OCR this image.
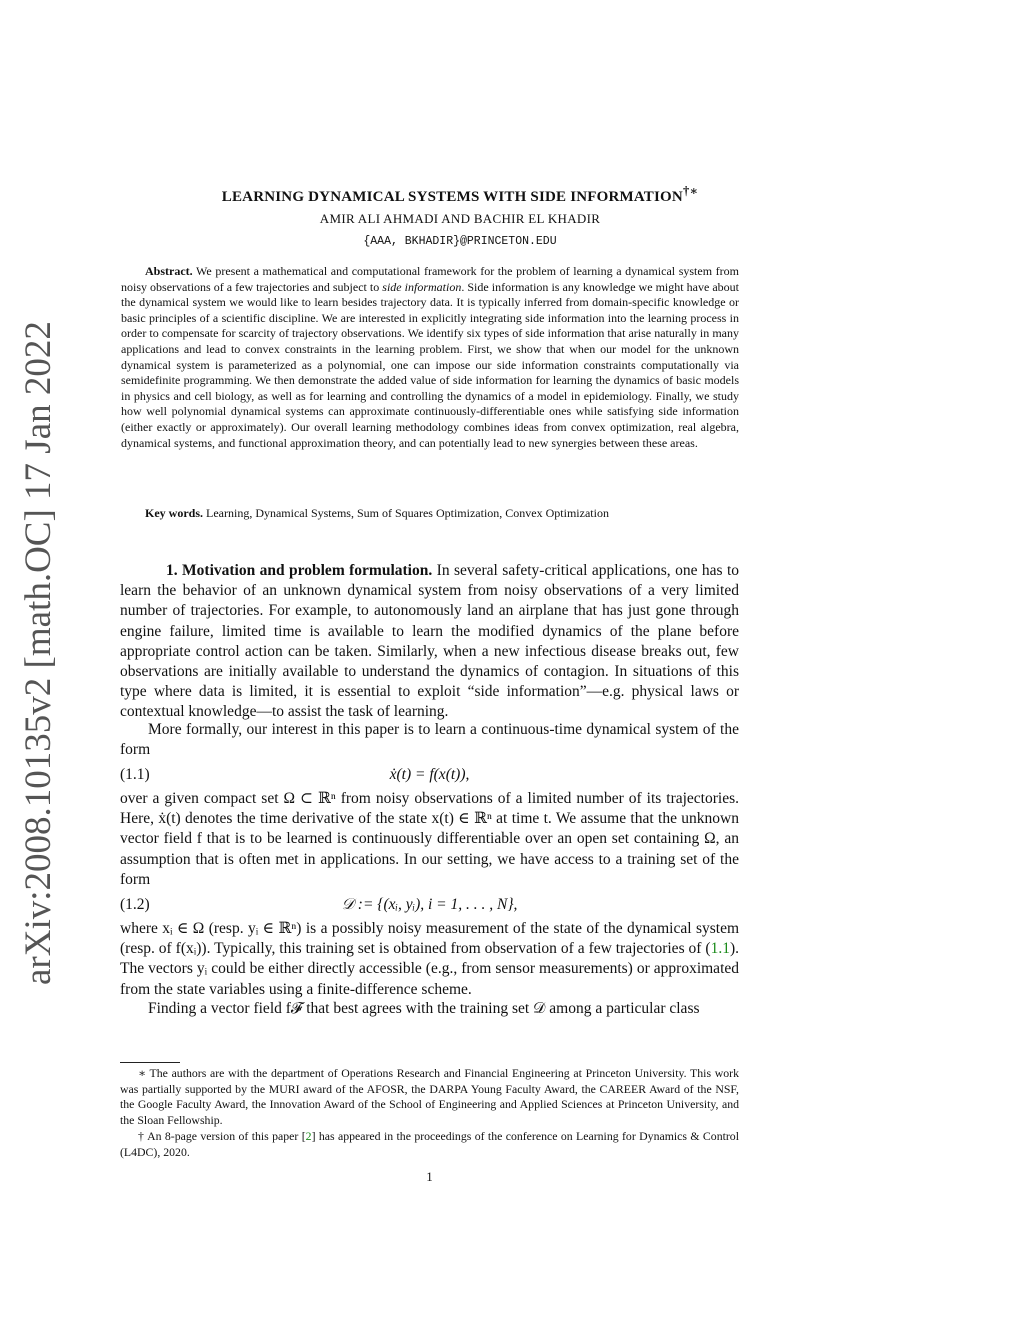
arXiv:2008.10135v2 [math.OC] 17 Jan 2022
LEARNING DYNAMICAL SYSTEMS WITH SIDE INFORMATION†∗
AMIR ALI AHMADI AND BACHIR EL KHADIR
{AAA, BKHADIR}@PRINCETON.EDU
Abstract. We present a mathematical and computational framework for the problem of learning a dynamical system from noisy observations of a few trajectories and subject to side information. Side information is any knowledge we might have about the dynamical system we would like to learn besides trajectory data. It is typically inferred from domain-specific knowledge or basic principles of a scientific discipline. We are interested in explicitly integrating side information into the learning process in order to compensate for scarcity of trajectory observations. We identify six types of side information that arise naturally in many applications and lead to convex constraints in the learning problem. First, we show that when our model for the unknown dynamical system is parameterized as a polynomial, one can impose our side information constraints computationally via semidefinite programming. We then demonstrate the added value of side information for learning the dynamics of basic models in physics and cell biology, as well as for learning and controlling the dynamics of a model in epidemiology. Finally, we study how well polynomial dynamical systems can approximate continuously-differentiable ones while satisfying side information (either exactly or approximately). Our overall learning methodology combines ideas from convex optimization, real algebra, dynamical systems, and functional approximation theory, and can potentially lead to new synergies between these areas.
Key words. Learning, Dynamical Systems, Sum of Squares Optimization, Convex Optimization
1. Motivation and problem formulation. In several safety-critical applications, one has to learn the behavior of an unknown dynamical system from noisy observations of a very limited number of trajectories. For example, to autonomously land an airplane that has just gone through engine failure, limited time is available to learn the modified dynamics of the plane before appropriate control action can be taken. Similarly, when a new infectious disease breaks out, few observations are initially available to understand the dynamics of contagion. In situations of this type where data is limited, it is essential to exploit “side information”—e.g. physical laws or contextual knowledge—to assist the task of learning.
More formally, our interest in this paper is to learn a continuous-time dynamical system of the form
(1.1)	ẋ(t) = f(x(t)),
over a given compact set Ω ⊂ ℝⁿ from noisy observations of a limited number of its trajectories. Here, ẋ(t) denotes the time derivative of the state x(t) ∈ ℝⁿ at time t. We assume that the unknown vector field f that is to be learned is continuously differentiable over an open set containing Ω, an assumption that is often met in applications. In our setting, we have access to a training set of the form
(1.2)	𝒟 := {(xᵢ, yᵢ), i = 1, . . . , N},
where xᵢ ∈ Ω (resp. yᵢ ∈ ℝⁿ) is a possibly noisy measurement of the state of the dynamical system (resp. of f(xᵢ)). Typically, this training set is obtained from observation of a few trajectories of (1.1). The vectors yᵢ could be either directly accessible (e.g., from sensor measurements) or approximated from the state variables using a finite-difference scheme.
Finding a vector field f𝓕 that best agrees with the training set 𝒟 among a particular class
∗ The authors are with the department of Operations Research and Financial Engineering at Princeton University. This work was partially supported by the MURI award of the AFOSR, the DARPA Young Faculty Award, the CAREER Award of the NSF, the Google Faculty Award, the Innovation Award of the School of Engineering and Applied Sciences at Princeton University, and the Sloan Fellowship.
† An 8-page version of this paper [2] has appeared in the proceedings of the conference on Learning for Dynamics & Control (L4DC), 2020.
1
